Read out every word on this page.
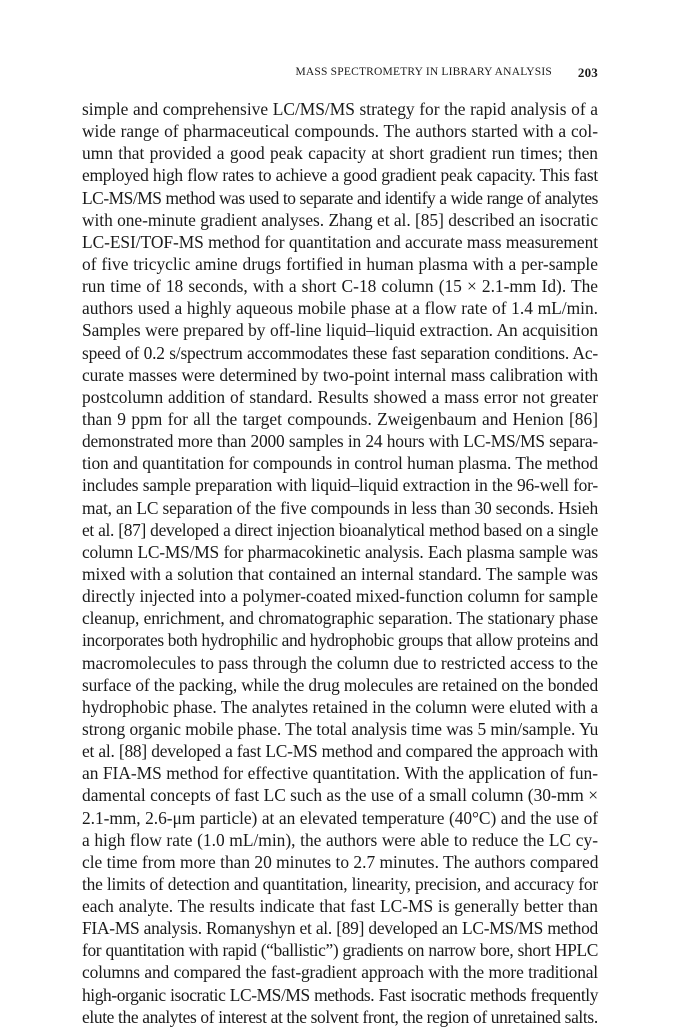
MASS SPECTROMETRY IN LIBRARY ANALYSIS 203
simple and comprehensive LC/MS/MS strategy for the rapid analysis of a
wide range of pharmaceutical compounds. The authors started with a col-
umn that provided a good peak capacity at short gradient run times; then
employed high flow rates to achieve a good gradient peak capacity. This fast
LC-MS/MS method was used to separate and identify a wide range of analytes
with one-minute gradient analyses. Zhang et al. [85] described an isocratic
LC-ESI/TOF-MS method for quantitation and accurate mass measurement
of five tricyclic amine drugs fortified in human plasma with a per-sample
run time of 18 seconds, with a short C-18 column (15 × 2.1-mm Id). The
authors used a highly aqueous mobile phase at a flow rate of 1.4 mL/min.
Samples were prepared by off-line liquid–liquid extraction. An acquisition
speed of 0.2 s/spectrum accommodates these fast separation conditions. Ac-
curate masses were determined by two-point internal mass calibration with
postcolumn addition of standard. Results showed a mass error not greater
than 9 ppm for all the target compounds. Zweigenbaum and Henion [86]
demonstrated more than 2000 samples in 24 hours with LC-MS/MS separa-
tion and quantitation for compounds in control human plasma. The method
includes sample preparation with liquid–liquid extraction in the 96-well for-
mat, an LC separation of the five compounds in less than 30 seconds. Hsieh
et al. [87] developed a direct injection bioanalytical method based on a single
column LC-MS/MS for pharmacokinetic analysis. Each plasma sample was
mixed with a solution that contained an internal standard. The sample was
directly injected into a polymer-coated mixed-function column for sample
cleanup, enrichment, and chromatographic separation. The stationary phase
incorporates both hydrophilic and hydrophobic groups that allow proteins and
macromolecules to pass through the column due to restricted access to the
surface of the packing, while the drug molecules are retained on the bonded
hydrophobic phase. The analytes retained in the column were eluted with a
strong organic mobile phase. The total analysis time was 5 min/sample. Yu
et al. [88] developed a fast LC-MS method and compared the approach with
an FIA-MS method for effective quantitation. With the application of fun-
damental concepts of fast LC such as the use of a small column (30-mm ×
2.1-mm, 2.6-μm particle) at an elevated temperature (40°C) and the use of
a high flow rate (1.0 mL/min), the authors were able to reduce the LC cy-
cle time from more than 20 minutes to 2.7 minutes. The authors compared
the limits of detection and quantitation, linearity, precision, and accuracy for
each analyte. The results indicate that fast LC-MS is generally better than
FIA-MS analysis. Romanyshyn et al. [89] developed an LC-MS/MS method
for quantitation with rapid (“ballistic”) gradients on narrow bore, short HPLC
columns and compared the fast-gradient approach with the more traditional
high-organic isocratic LC-MS/MS methods. Fast isocratic methods frequently
elute the analytes of interest at the solvent front, the region of unretained salts.
